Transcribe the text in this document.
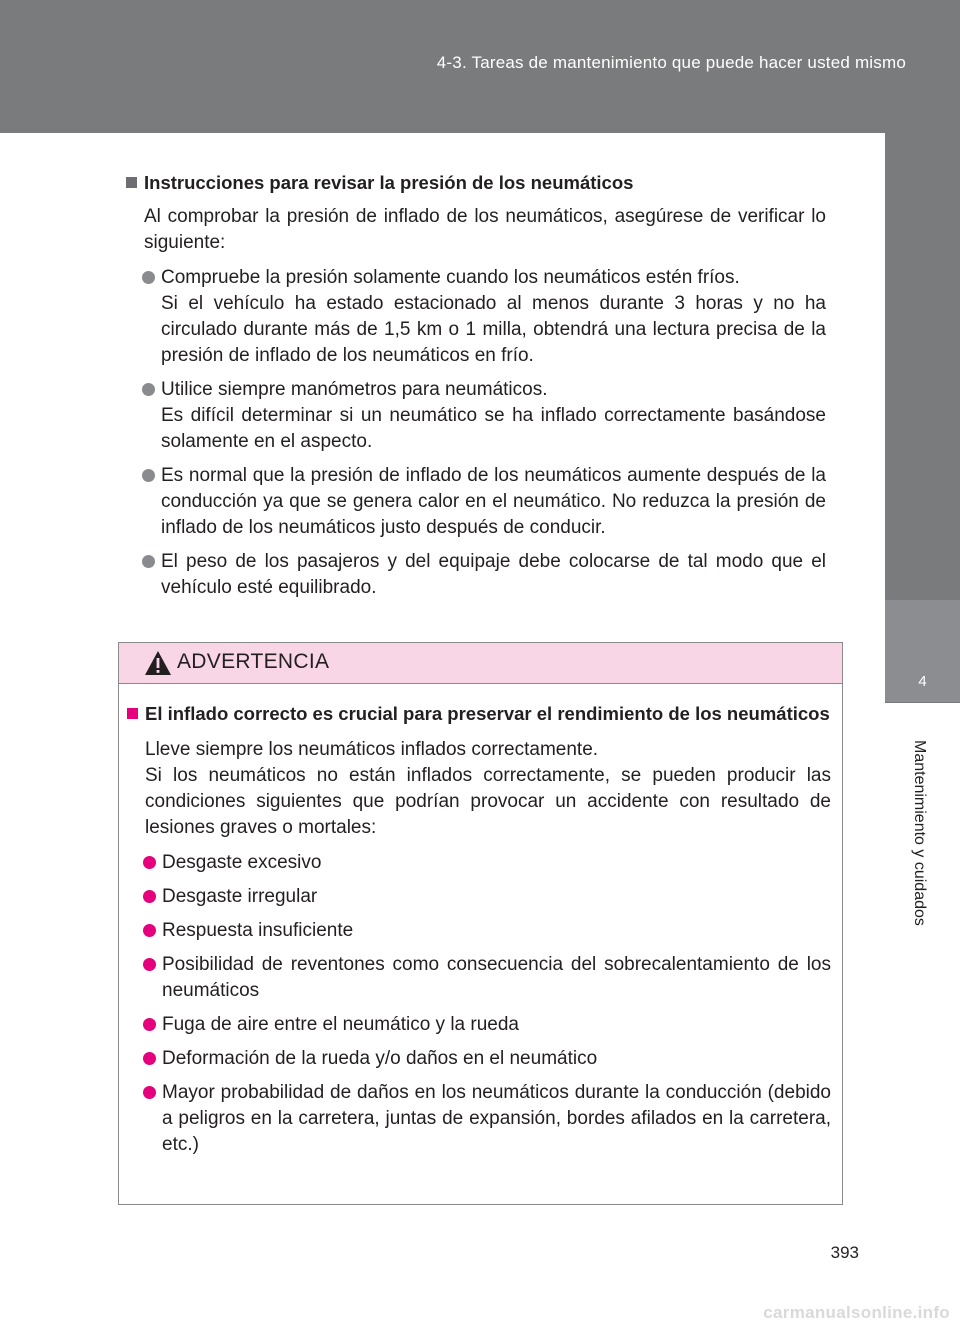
4-3. Tareas de mantenimiento que puede hacer usted mismo
4
Mantenimiento y cuidados
Instrucciones para revisar la presión de los neumáticos
Al comprobar la presión de inflado de los neumáticos, asegúrese de verificar lo siguiente:
Compruebe la presión solamente cuando los neumáticos estén fríos.
Si el vehículo ha estado estacionado al menos durante 3 horas y no ha circulado durante más de 1,5 km o 1 milla, obtendrá una lectura precisa de la presión de inflado de los neumáticos en frío.
Utilice siempre manómetros para neumáticos.
Es difícil determinar si un neumático se ha inflado correctamente basándose solamente en el aspecto.
Es normal que la presión de inflado de los neumáticos aumente después de la conducción ya que se genera calor en el neumático. No reduzca la presión de inflado de los neumáticos justo después de conducir.
El peso de los pasajeros y del equipaje debe colocarse de tal modo que el vehículo esté equilibrado.
ADVERTENCIA
El inflado correcto es crucial para preservar el rendimiento de los neumáticos
Lleve siempre los neumáticos inflados correctamente.
Si los neumáticos no están inflados correctamente, se pueden producir las condiciones siguientes que podrían provocar un accidente con resultado de lesiones graves o mortales:
Desgaste excesivo
Desgaste irregular
Respuesta insuficiente
Posibilidad de reventones como consecuencia del sobrecalentamiento de los neumáticos
Fuga de aire entre el neumático y la rueda
Deformación de la rueda y/o daños en el neumático
Mayor probabilidad de daños en los neumáticos durante la conducción (debido a peligros en la carretera, juntas de expansión, bordes afilados en la carretera, etc.)
393
carmanualsonline.info
